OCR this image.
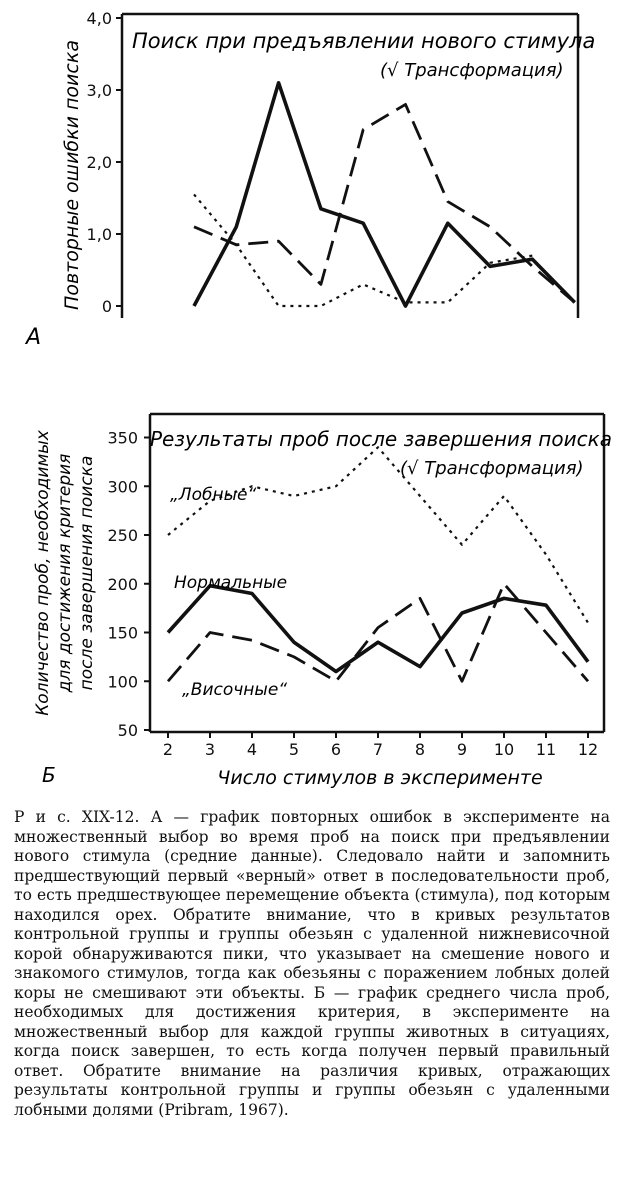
0
1,0
2,0
3,0
4,0
Поиск при предъявлении нового стимула
(√ Трансформация)
Повторные ошибки поиска
A
50
100
150
200
250
300
350
2 3 4 5 6 7 8 9 10 11 12
Результаты проб после завершения поиска
(√ Трансформация)
„Лобные“
Нормальные
„Височные“
Количество проб, необходимых для достижения критерия после завершения поиска
Число стимулов в эксперименте
Б
Р и с. XIX-12. А — график повторных ошибок в эксперименте на множественный выбор во время проб на поиск при предъявлении нового стимула (средние данные). Следовало найти и запомнить предшествующий первый «верный» ответ в последовательности проб, то есть предшествующее перемещение объекта (стимула), под которым находился орех. Обратите внимание, что в кривых результатов контрольной группы и группы обезьян с удаленной нижневисочной корой обнаруживаются пики, что указывает на смешение нового и знакомого стимулов, тогда как обезьяны с поражением лобных долей коры не смешивают эти объекты. Б — график среднего числа проб, необходимых для достижения критерия, в эксперименте на множественный выбор для каждой группы животных в ситуациях, когда поиск завершен, то есть когда получен первый правильный ответ. Обратите внимание на различия кривых, отражающих результаты контрольной группы и группы обезьян с удаленными лобными долями (Pribram, 1967).
